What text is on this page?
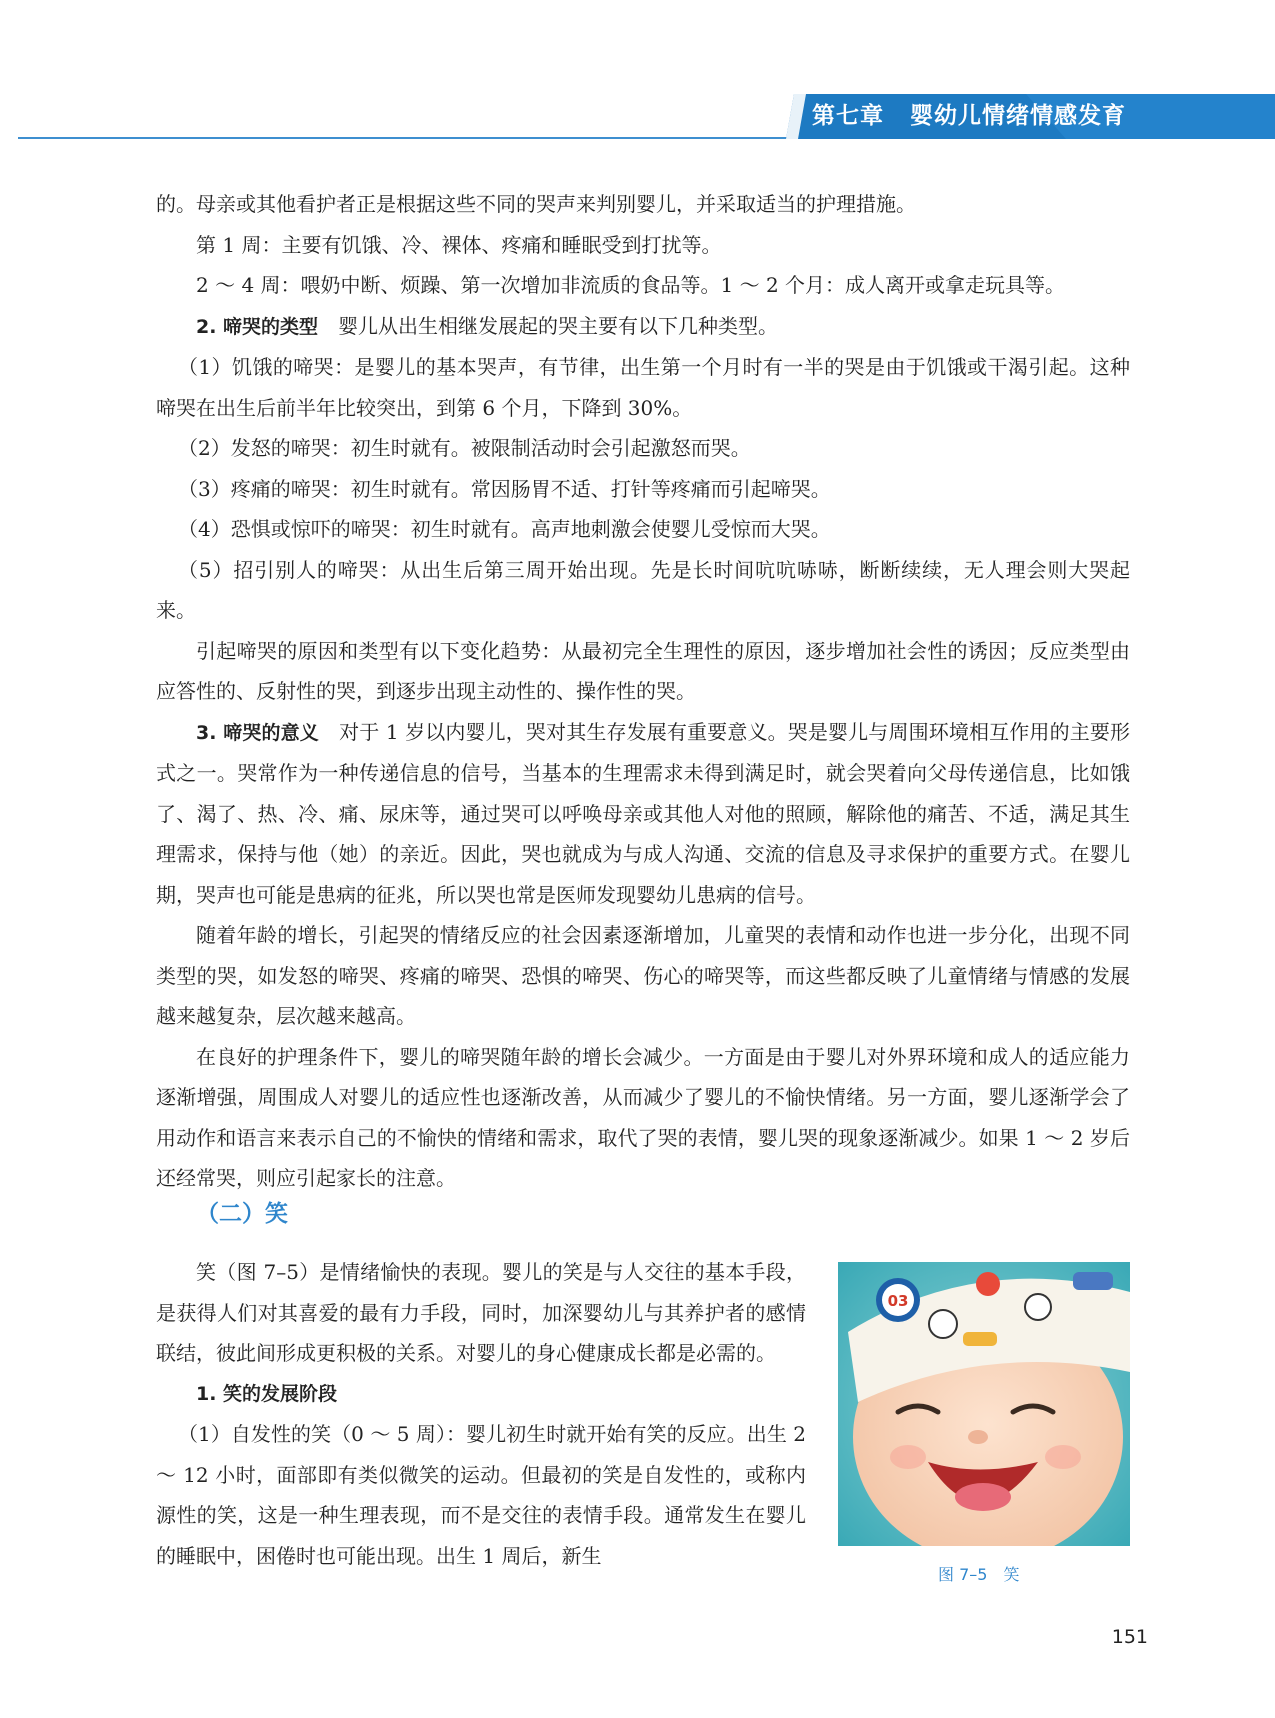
第七章 婴幼儿情绪情感发育

的。母亲或其他看护者正是根据这些不同的哭声来判别婴儿，并采取适当的护理措施。

第 1 周：主要有饥饿、冷、裸体、疼痛和睡眠受到打扰等。

2 ～ 4 周：喂奶中断、烦躁、第一次增加非流质的食品等。1 ～ 2 个月：成人离开或拿走玩具等。

2. 啼哭的类型　 婴儿从出生相继发展起的哭主要有以下几种类型。

（1）饥饿的啼哭：是婴儿的基本哭声，有节律，出生第一个月时有一半的哭是由于饥饿或干渴引起。这种啼哭在出生后前半年比较突出，到第 6 个月，下降到 30%。

（2）发怒的啼哭：初生时就有。被限制活动时会引起激怒而哭。

（3）疼痛的啼哭：初生时就有。常因肠胃不适、打针等疼痛而引起啼哭。

（4）恐惧或惊吓的啼哭：初生时就有。高声地刺激会使婴儿受惊而大哭。

（5）招引别人的啼哭：从出生后第三周开始出现。先是长时间吭吭哧哧，断断续续，无人理会则大哭起来。

引起啼哭的原因和类型有以下变化趋势：从最初完全生理性的原因，逐步增加社会性的诱因；反应类型由应答性的、反射性的哭，到逐步出现主动性的、操作性的哭。

3. 啼哭的意义　 对于 1 岁以内婴儿，哭对其生存发展有重要意义。哭是婴儿与周围环境相互作用的主要形式之一。哭常作为一种传递信息的信号，当基本的生理需求未得到满足时，就会哭着向父母传递信息，比如饿了、渴了、热、冷、痛、尿床等，通过哭可以呼唤母亲或其他人对他的照顾，解除他的痛苦、不适，满足其生理需求，保持与他（她）的亲近。因此，哭也就成为与成人沟通、交流的信息及寻求保护的重要方式。在婴儿期，哭声也可能是患病的征兆，所以哭也常是医师发现婴幼儿患病的信号。

随着年龄的增长，引起哭的情绪反应的社会因素逐渐增加，儿童哭的表情和动作也进一步分化，出现不同类型的哭，如发怒的啼哭、疼痛的啼哭、恐惧的啼哭、伤心的啼哭等，而这些都反映了儿童情绪与情感的发展越来越复杂，层次越来越高。

在良好的护理条件下，婴儿的啼哭随年龄的增长会减少。一方面是由于婴儿对外界环境和成人的适应能力逐渐增强，周围成人对婴儿的适应性也逐渐改善，从而减少了婴儿的不愉快情绪。另一方面，婴儿逐渐学会了用动作和语言来表示自己的不愉快的情绪和需求，取代了哭的表情，婴儿哭的现象逐渐减少。如果 1 ～ 2 岁后还经常哭，则应引起家长的注意。

（二）笑

笑（图 7–5）是情绪愉快的表现。婴儿的笑是与人交往的基本手段，是获得人们对其喜爱的最有力手段，同时，加深婴幼儿与其养护者的感情联结，彼此间形成更积极的关系。对婴儿的身心健康成长都是必需的。

1. 笑的发展阶段

（1）自发性的笑（0 ～ 5 周）：婴儿初生时就开始有笑的反应。出生 2 ～ 12 小时，面部即有类似微笑的运动。但最初的笑是自发性的，或称内源性的笑，这是一种生理表现，而不是交往的表情手段。通常发生在婴儿的睡眠中，困倦时也可能出现。出生 1 周后，新生

03
图 7–5　笑
151
